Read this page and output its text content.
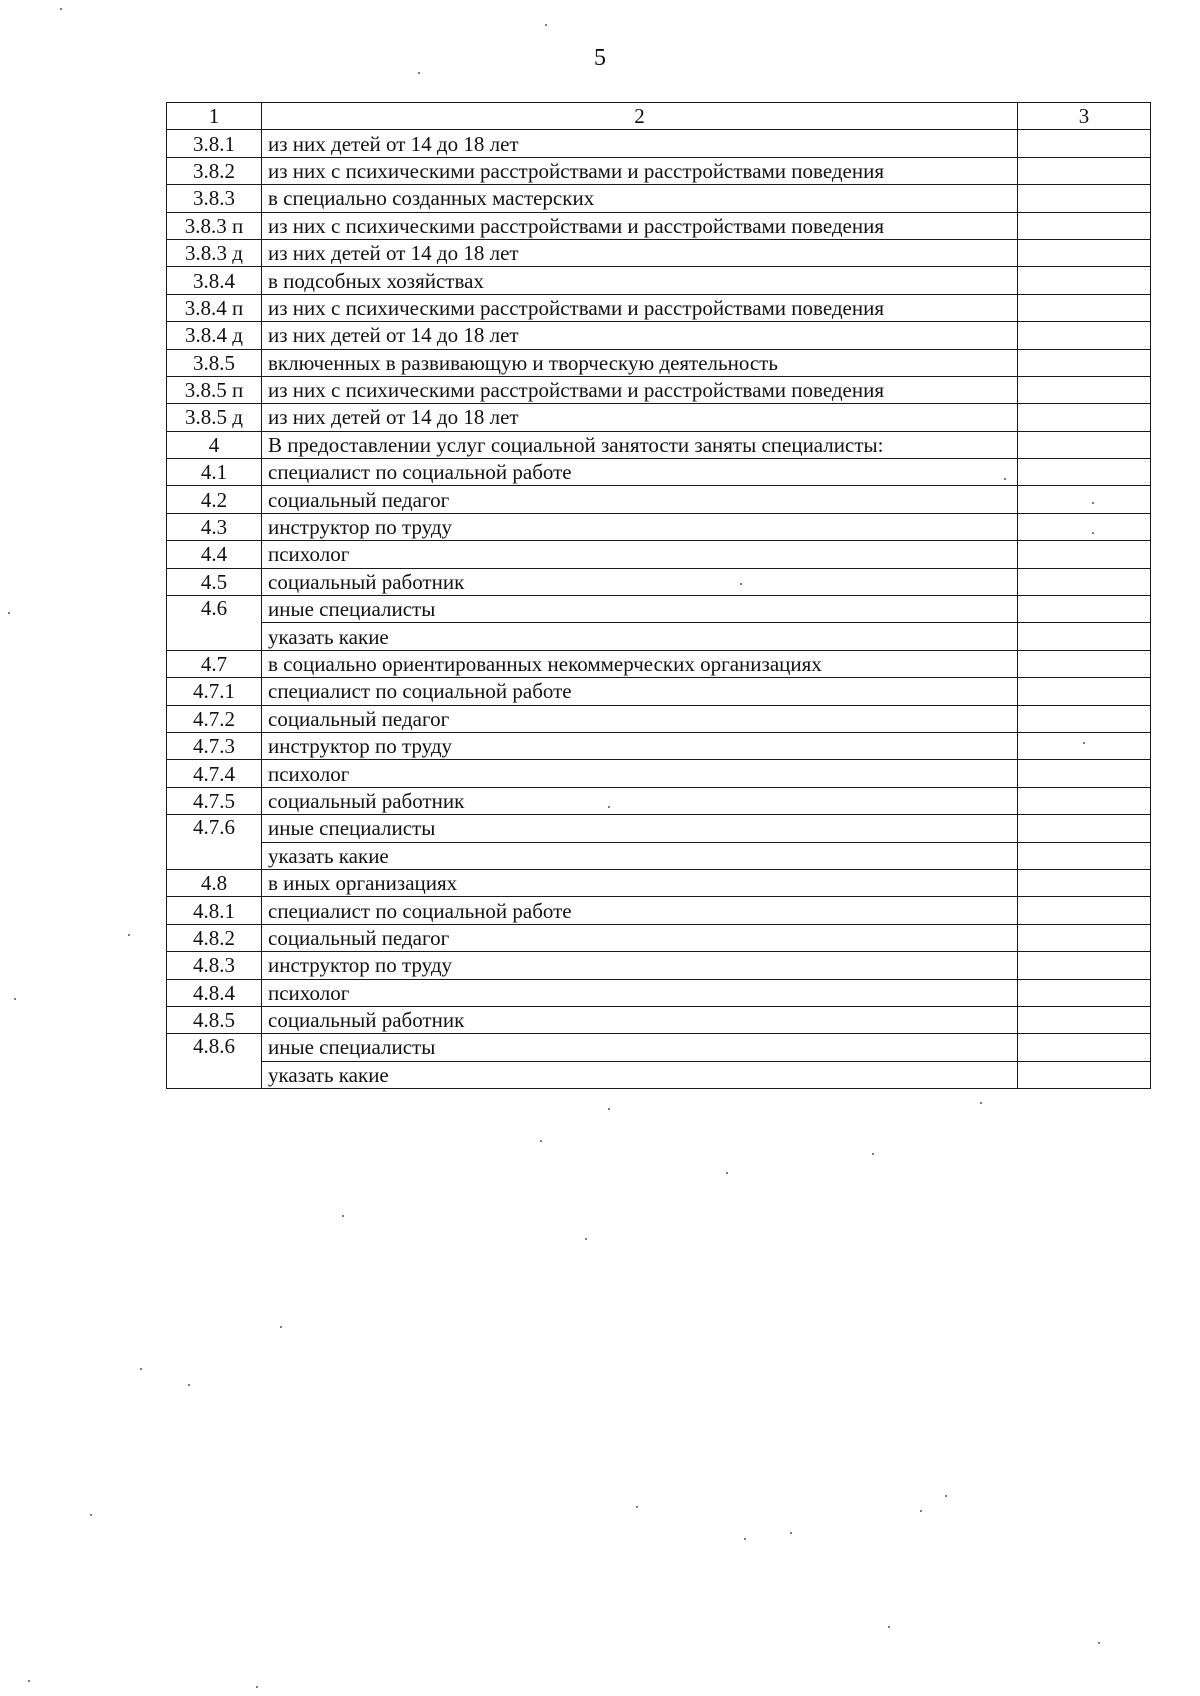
5
1	2	3
3.8.1	из них детей от 14 до 18 лет	
3.8.2	из них с психическими расстройствами и расстройствами поведения	
3.8.3	в специально созданных мастерских	
3.8.3 п	из них с психическими расстройствами и расстройствами поведения	
3.8.3 д	из них детей от 14 до 18 лет	
3.8.4	в подсобных хозяйствах	
3.8.4 п	из них с психическими расстройствами и расстройствами поведения	
3.8.4 д	из них детей от 14 до 18 лет	
3.8.5	включенных в развивающую и творческую деятельность	
3.8.5 п	из них с психическими расстройствами и расстройствами поведения	
3.8.5 д	из них детей от 14 до 18 лет	
4	В предоставлении услуг социальной занятости заняты специалисты:	
4.1	специалист по социальной работе	
4.2	социальный педагог	
4.3	инструктор по труду	
4.4	психолог	
4.5	социальный работник	
4.6	иные специалисты	
	указать какие	
4.7	в социально ориентированных некоммерческих организациях	
4.7.1	специалист по социальной работе	
4.7.2	социальный педагог	
4.7.3	инструктор по труду	
4.7.4	психолог	
4.7.5	социальный работник	
4.7.6	иные специалисты	
	указать какие	
4.8	в иных организациях	
4.8.1	специалист по социальной работе	
4.8.2	социальный педагог	
4.8.3	инструктор по труду	
4.8.4	психолог	
4.8.5	социальный работник	
4.8.6	иные специалисты	
	указать какие	
